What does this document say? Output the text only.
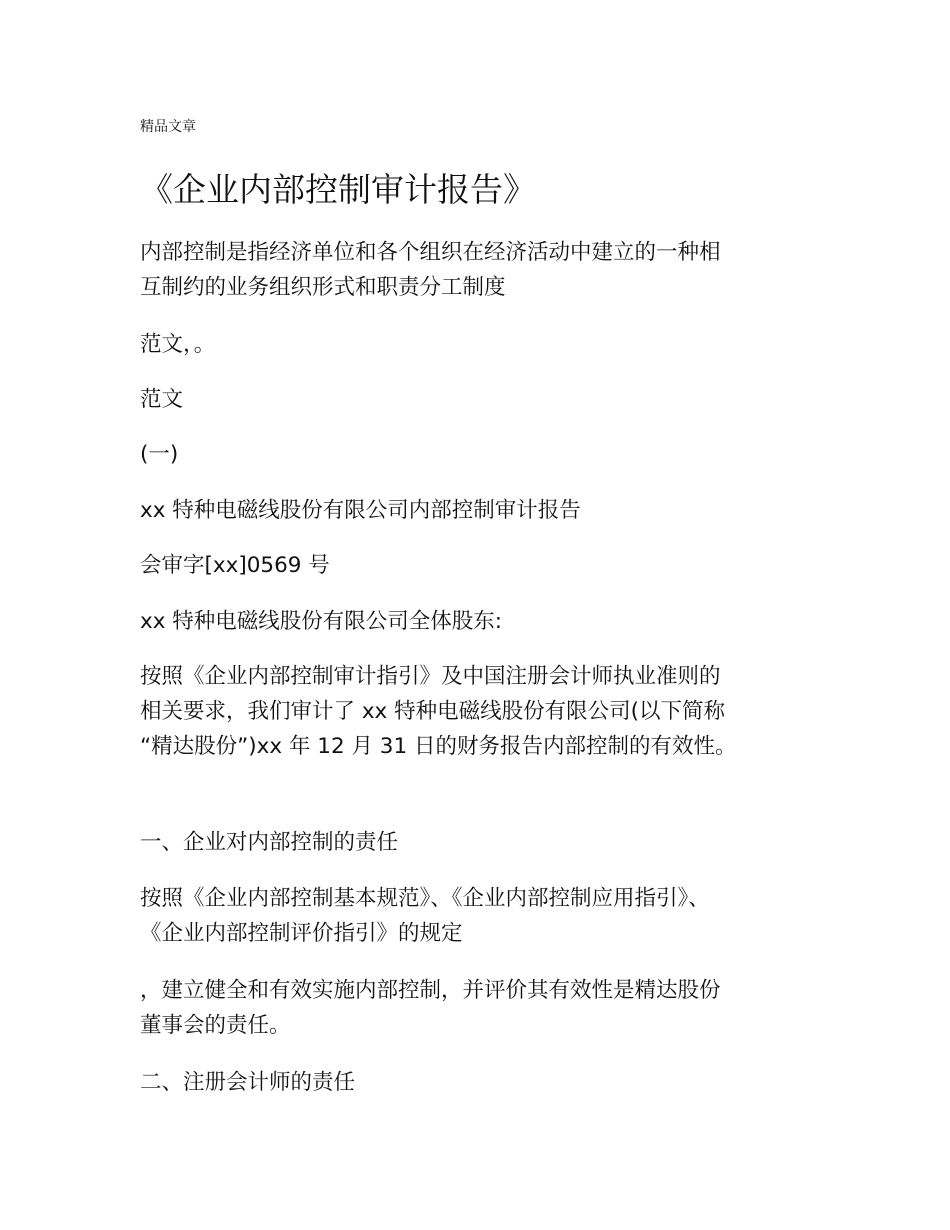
精品文章
《企业内部控制审计报告》

内部控制是指经济单位和各个组织在经济活动中建立的一种相
互制约的业务组织形式和职责分工制度

范文，。

范文

(一)

xx 特种电磁线股份有限公司内部控制审计报告

会审字[xx]0569 号

xx 特种电磁线股份有限公司全体股东:

按照《企业内部控制审计指引》及中国注册会计师执业准则的
相关要求，我们审计了 xx 特种电磁线股份有限公司(以下简称
“精达股份”)xx 年 12 月 31 日的财务报告内部控制的有效性。

一、企业对内部控制的责任

按照《企业内部控制基本规范》、《企业内部控制应用指引》、
《企业内部控制评价指引》的规定

，建立健全和有效实施内部控制，并评价其有效性是精达股份
董事会的责任。

二、注册会计师的责任
